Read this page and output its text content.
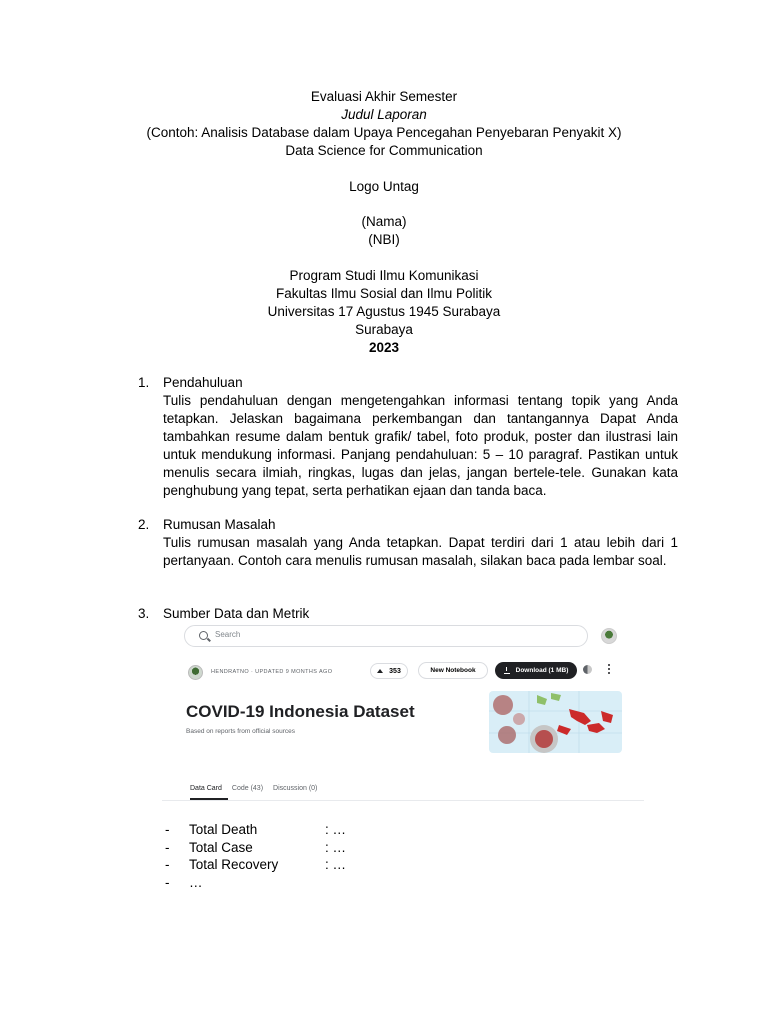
Evaluasi Akhir Semester
Judul Laporan
(Contoh: Analisis Database dalam Upaya Pencegahan Penyebaran Penyakit X)
Data Science for Communication
Logo Untag
(Nama)
(NBI)
Program Studi Ilmu Komunikasi
Fakultas Ilmu Sosial dan Ilmu Politik
Universitas 17 Agustus 1945 Surabaya
Surabaya
2023
1.	Pendahuluan
Tulis pendahuluan dengan mengetengahkan informasi tentang topik yang Anda tetapkan. Jelaskan bagaimana perkembangan dan tantangannya Dapat Anda tambahkan resume dalam bentuk grafik/ tabel, foto produk, poster dan ilustrasi lain untuk mendukung informasi. Panjang pendahuluan: 5 – 10 paragraf. Pastikan untuk menulis secara ilmiah, ringkas, lugas dan jelas, jangan bertele-tele. Gunakan kata penghubung yang tepat, serta perhatikan ejaan dan tanda baca.
2.	Rumusan Masalah
Tulis rumusan masalah yang Anda tetapkan. Dapat terdiri dari 1 atau lebih dari 1 pertanyaan. Contoh cara menulis rumusan masalah, silakan baca pada lembar soal.
3.	Sumber Data dan Metrik
Search
HENDRATNO · UPDATED 9 MONTHS AGO	353	New Notebook	Download (1 MB)
COVID-19 Indonesia Dataset
Based on reports from official sources
Data Card Code (43) Discussion (0)
-	Total Death	: …
-	Total Case	: …
-	Total Recovery	: …
-	…
